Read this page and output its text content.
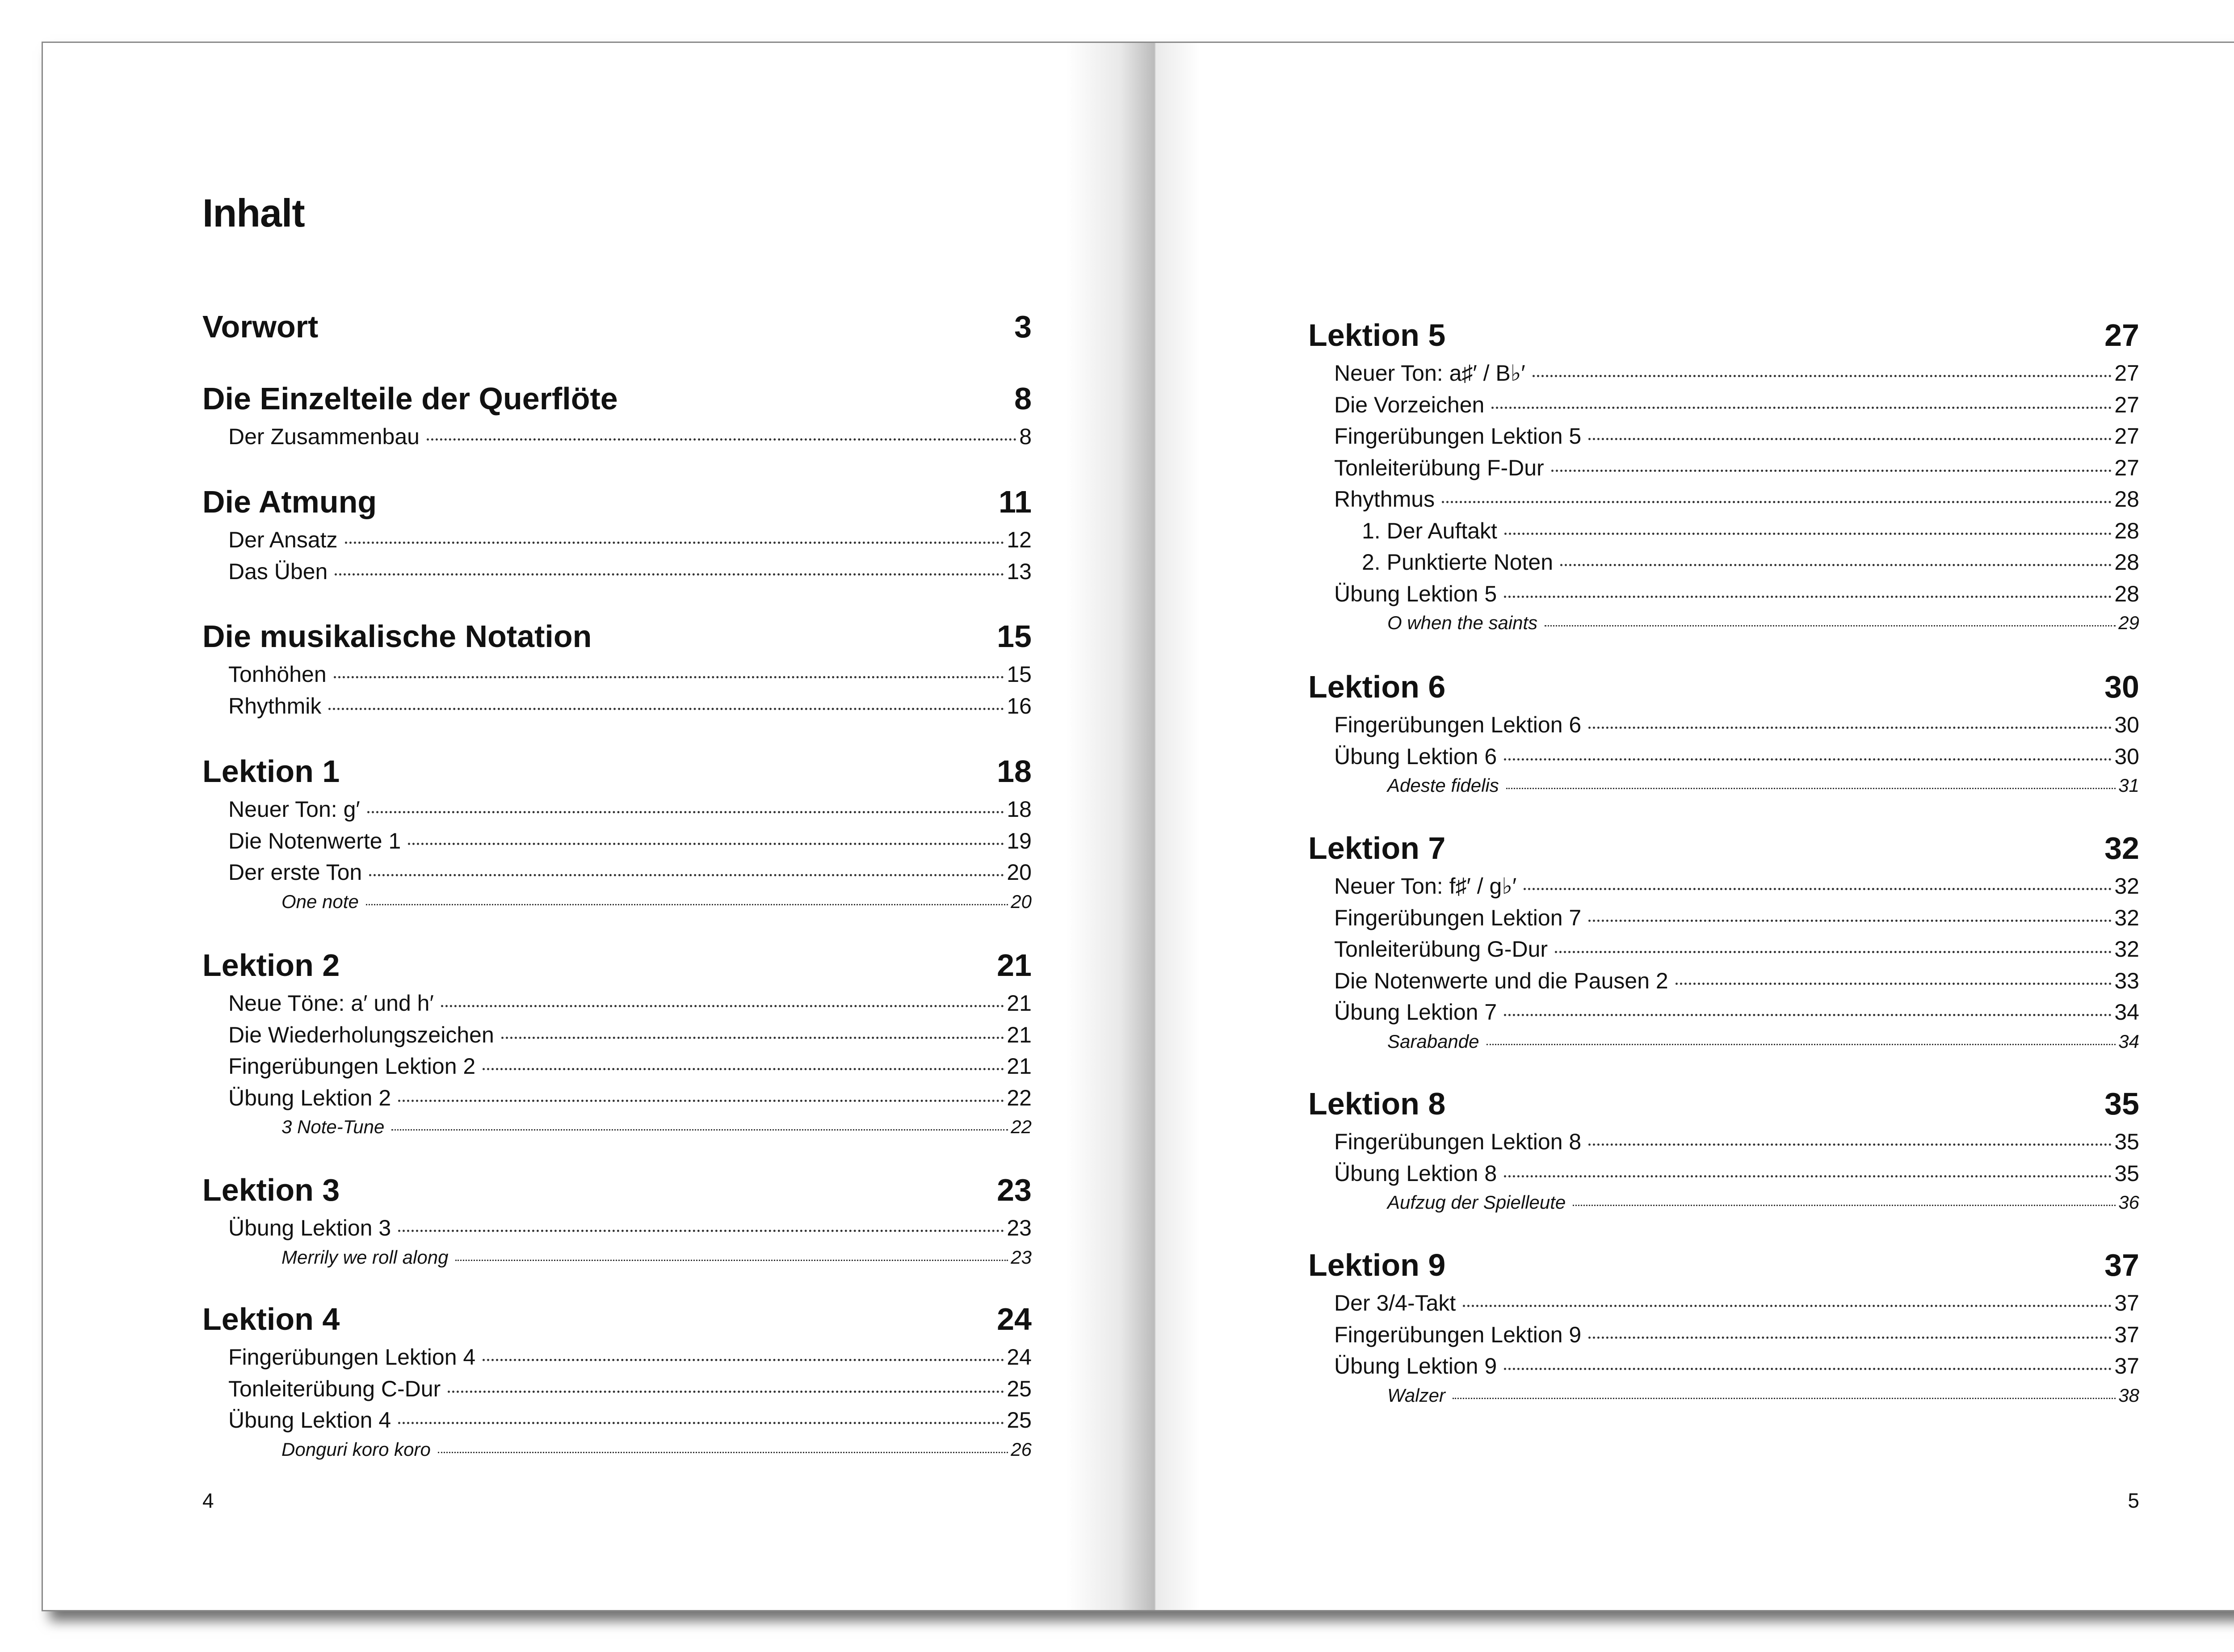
Inhalt
Vorwort	3
Die Einzelteile der Querflöte	8
Der Zusammenbau	8
Die Atmung	11
Der Ansatz	12
Das Üben	13
Die musikalische Notation	15
Tonhöhen	15
Rhythmik	16
Lektion 1	18
Neuer Ton: g′	18
Die Notenwerte 1	19
Der erste Ton	20
One note	20
Lektion 2	21
Neue Töne: a′ und h′	21
Die Wiederholungszeichen	21
Fingerübungen Lektion 2	21
Übung Lektion 2	22
3 Note-Tune	22
Lektion 3	23
Übung Lektion 3	23
Merrily we roll along	23
Lektion 4	24
Fingerübungen Lektion 4	24
Tonleiterübung C-Dur	25
Übung Lektion 4	25
Donguri koro koro	26
4
Lektion 5	27
Neuer Ton: a♯′ / B♭′	27
Die Vorzeichen	27
Fingerübungen Lektion 5	27
Tonleiterübung F-Dur	27
Rhythmus	28
1. Der Auftakt	28
2. Punktierte Noten	28
Übung Lektion 5	28
O when the saints	29
Lektion 6	30
Fingerübungen Lektion 6	30
Übung Lektion 6	30
Adeste fidelis	31
Lektion 7	32
Neuer Ton: f♯′ / g♭′	32
Fingerübungen Lektion 7	32
Tonleiterübung G-Dur	32
Die Notenwerte und die Pausen 2	33
Übung Lektion 7	34
Sarabande	34
Lektion 8	35
Fingerübungen Lektion 8	35
Übung Lektion 8	35
Aufzug der Spielleute	36
Lektion 9	37
Der 3/4-Takt	37
Fingerübungen Lektion 9	37
Übung Lektion 9	37
Walzer	38
5
